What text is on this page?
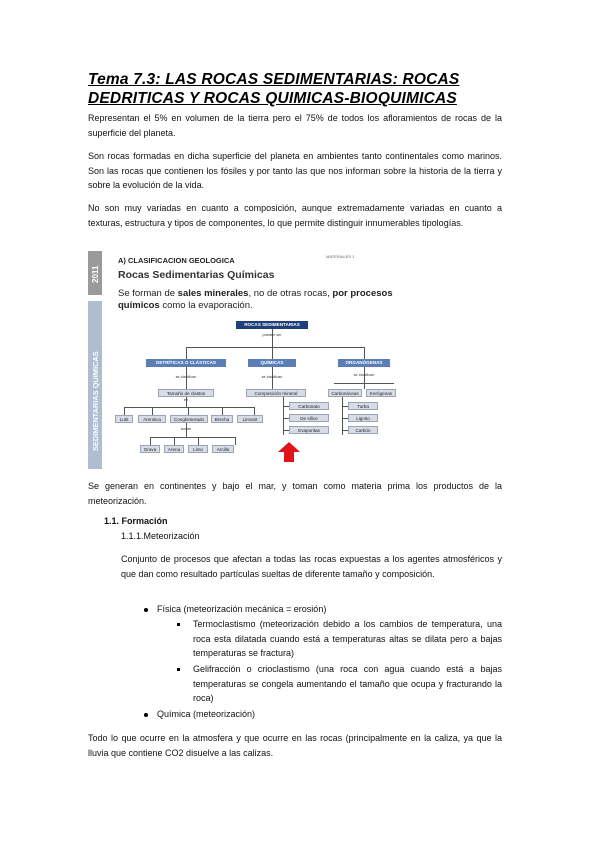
Tema 7.3: LAS ROCAS SEDIMENTARIAS: ROCAS DEDRITICAS Y ROCAS QUIMICAS-BIOQUIMICAS

Representan el 5% en volumen de la tierra pero el 75% de todos los afloramientos de rocas de la superficie del planeta.

Son rocas formadas en dicha superficie del planeta en ambientes tanto continentales como marinos. Son las rocas que contienen los fósiles y por tanto las que nos informan sobre la historia de la tierra y sobre la evolución de la vida.

No son muy variadas en cuanto a composición, aunque extremadamente variadas en cuanto a texturas, estructura y tipos de componentes, lo que permite distinguir innumerables tipologías.

2011
SEDIMENTARIAS QUIMICAS
A) CLASIFICACION GEOLOGICA	MATERIALES 1
Rocas Sedimentarias Químicas
Se forman de sales minerales, no de otras rocas, por procesos químicos como la evaporación.
ROCAS SEDIMENTARIAS
pueden ser
DETRÍTICAS O CLÁSTICAS	QUÍMICAS	ORGANÓGENAS
se clasifican	se clasifican	se clasifican
Tamaño de clastos	Composición mineral	Carbonáceas	Kerógenas
en
Lutit	Arenisca	Conglomerado	Brecha	Limonit
toman
Grava	Arena	Limo	Arcilla
Carbonato
De sílice
Evaporitas
Turba
Lignito
Carbón

Se generan en continentes y bajo el mar, y toman como materia prima los productos de la meteorización.

1.1. Formación
1.1.1.Meteorización

Conjunto de procesos que afectan a todas las rocas expuestas a los agentes atmosféricos y que dan como resultado partículas sueltas de diferente tamaño y composición.

Física (meteorización mecánica = erosión)

Termoclastismo (meteorización debido a los cambios de temperatura, una roca esta dilatada cuando está a temperaturas altas se dilata pero a bajas temperaturas se fractura)

Gelifracción o crioclastismo (una roca con agua cuando está a bajas temperaturas se congela aumentando el tamaño que ocupa y fracturando la roca)

Química (meteorización)

Todo lo que ocurre en la atmosfera y que ocurre en las rocas (principalmente en la caliza, ya que la lluvia que contiene CO2 disuelve a las calizas.
